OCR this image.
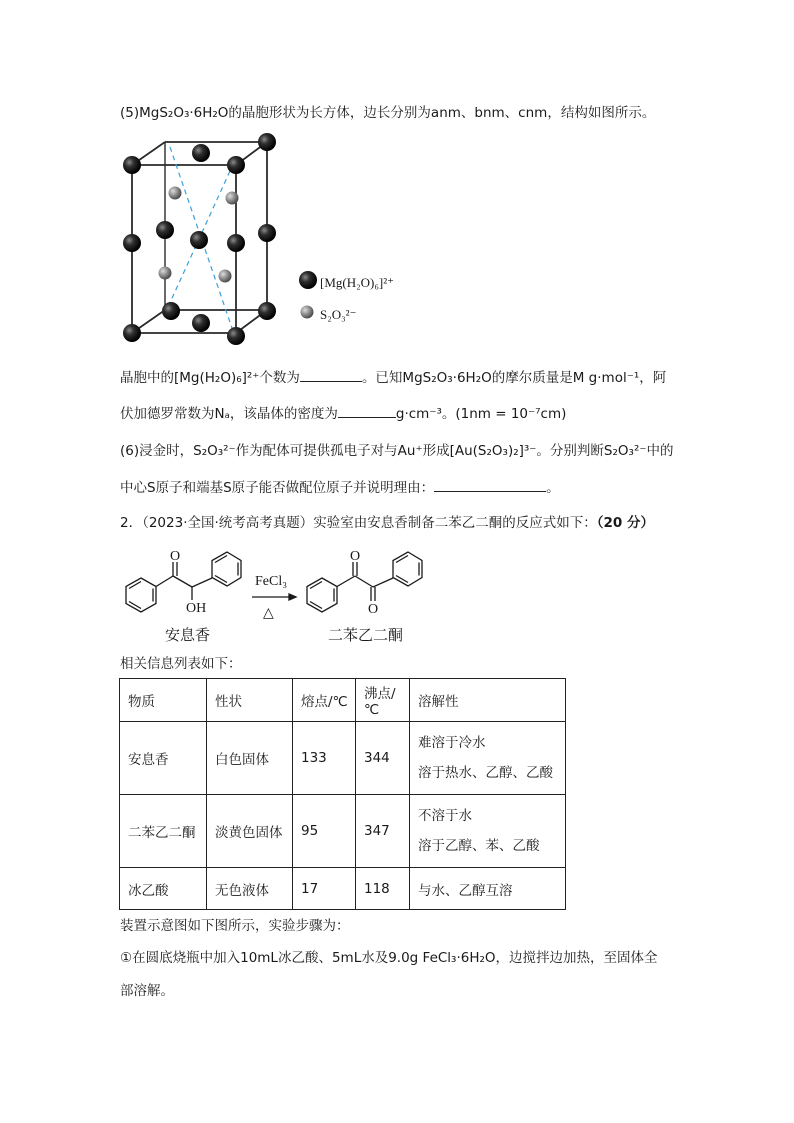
(5)MgS₂O₃·6H₂O的晶胞形状为长方体，边长分别为anm、bnm、cnm，结构如图所示。
[Mg(H₂O)₆]²⁺
S₂O₃²⁻
晶胞中的[Mg(H₂O)₆]²⁺个数为	。已知MgS₂O₃·6H₂O的摩尔质量是M g·mol⁻¹，阿
伏加德罗常数为Nₐ，该晶体的密度为	g·cm⁻³。(1nm = 10⁻⁷cm)
(6)浸金时，S₂O₃²⁻作为配体可提供孤电子对与Au⁺形成[Au(S₂O₃)₂]³⁻。分别判断S₂O₃²⁻中的
中心S原子和端基S原子能否做配位原子并说明理由：	。
2．（2023·全国·统考高考真题）实验室由安息香制备二苯乙二酮的反应式如下：（20 分）
O
OH
FeCl₃
△
O
O
安息香	二苯乙二酮
相关信息列表如下：
物质	性状	熔点/℃	沸点/℃	溶解性
安息香	白色固体	133	344	难溶于冷水
溶于热水、乙醇、乙酸

二苯乙二酮	淡黄色固体	95	347	不溶于水
溶于乙醇、苯、乙酸

冰乙酸	无色液体	17	118	与水、乙醇互溶
装置示意图如下图所示，实验步骤为：
①在圆底烧瓶中加入10mL冰乙酸、5mL水及9.0g FeCl₃·6H₂O，边搅拌边加热，至固体全
部溶解。
